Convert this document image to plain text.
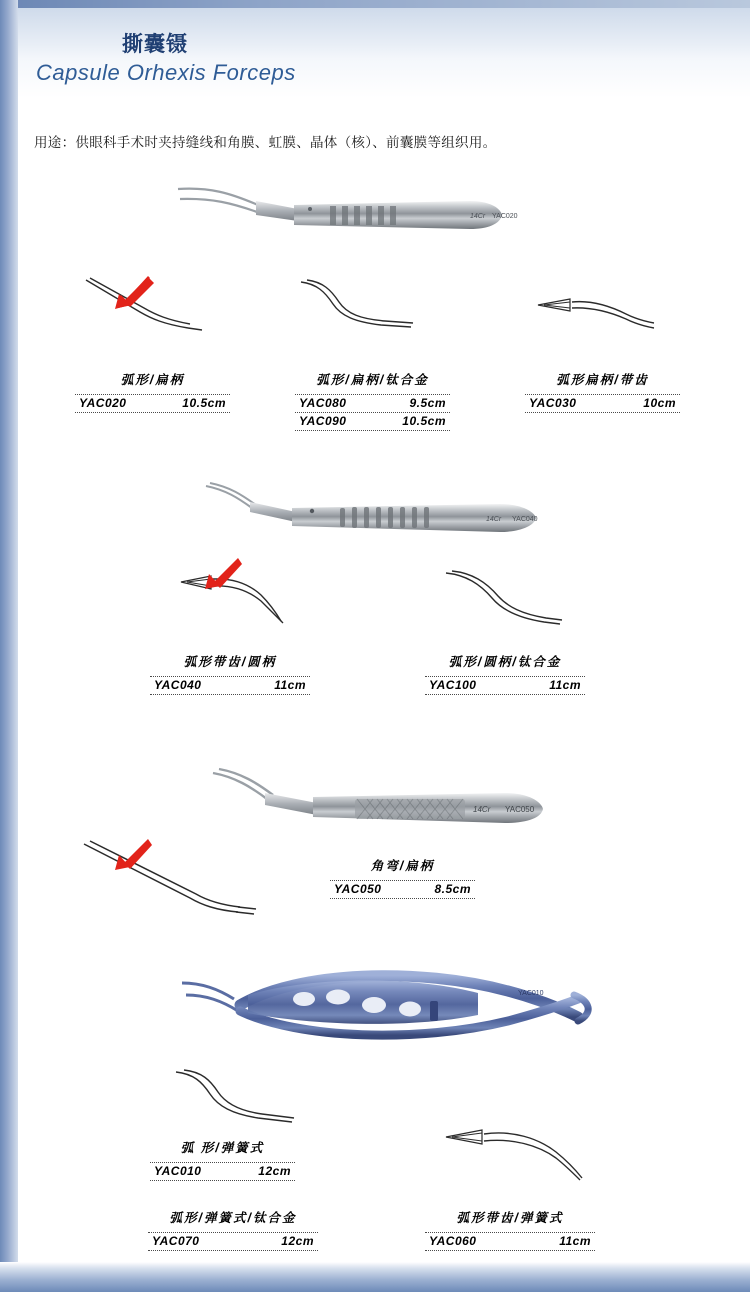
撕囊镊
Capsule Orhexis Forceps
用途：供眼科手术时夹持缝线和角膜、虹膜、晶体（核）、前囊膜等组织用。
14Cr YAC020
弧形/扁柄
YAC020	10.5cm
弧形/扁柄/钛合金
YAC080	9.5cm
YAC090	10.5cm
弧形扁柄/带齿
YAC030	10cm
14Cr YAC040
弧形带齿/圆柄
YAC040	11cm
弧形/圆柄/钛合金
YAC100	11cm
14Cr YAC050
角弯/扁柄
YAC050	8.5cm
YAC010
弧 形/弹簧式
YAC010	12cm
弧形/弹簧式/钛合金
YAC070	12cm
弧形带齿/弹簧式
YAC060	11cm
